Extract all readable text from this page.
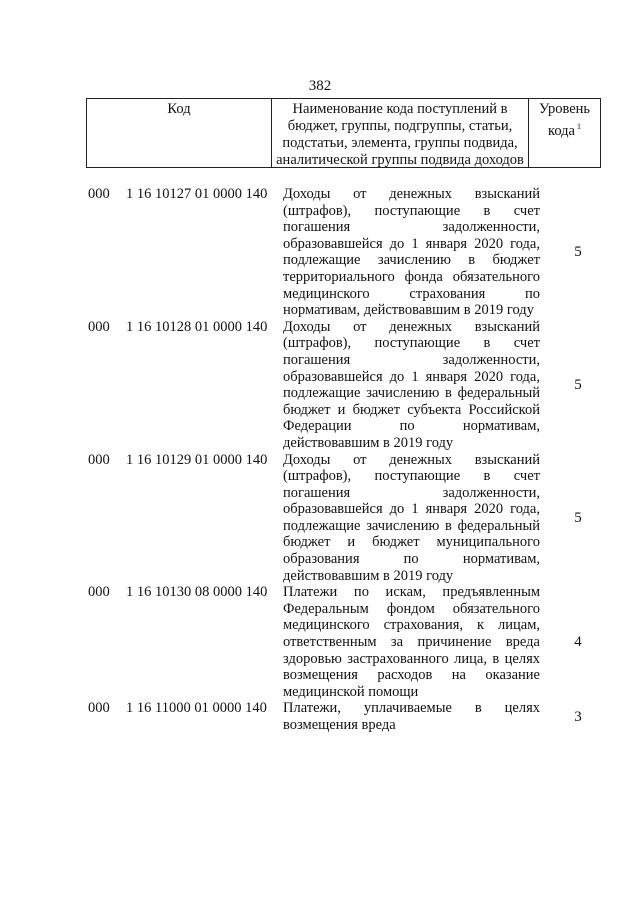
382
Код	Наименование кода поступлений в
бюджет, группы, подгруппы, статьи,
подстатьи, элемента, группы подвида,
аналитической группы подвида доходов
Уровень
кода $^1$
000 1 16 10127 01 0000 140 Доходы от денежных взысканий
(штрафов), поступающие в счет
погашения задолженности,
образовавшейся до 1 января 2020 года,
подлежащие зачислению в бюджет
территориального фонда обязательного
медицинского страхования по
нормативам, действовавшим в 2019 году
5
000 1 16 10128 01 0000 140 Доходы от денежных взысканий
(штрафов), поступающие в счет
погашения задолженности,
образовавшейся до 1 января 2020 года,
подлежащие зачислению в федеральный
бюджет и бюджет субъекта Российской
Федерации по нормативам,
действовавшим в 2019 году
5
000 1 16 10129 01 0000 140 Доходы от денежных взысканий
(штрафов), поступающие в счет
погашения задолженности,
образовавшейся до 1 января 2020 года,
подлежащие зачислению в федеральный
бюджет и бюджет муниципального
образования по нормативам,
действовавшим в 2019 году
5
000 1 16 10130 08 0000 140 Платежи по искам, предъявленным
Федеральным фондом обязательного
медицинского страхования, к лицам,
ответственным за причинение вреда
здоровью застрахованного лица, в целях
возмещения расходов на оказание
медицинской помощи
4
000 1 16 11000 01 0000 140 Платежи, уплачиваемые в целях
возмещения вреда	3
